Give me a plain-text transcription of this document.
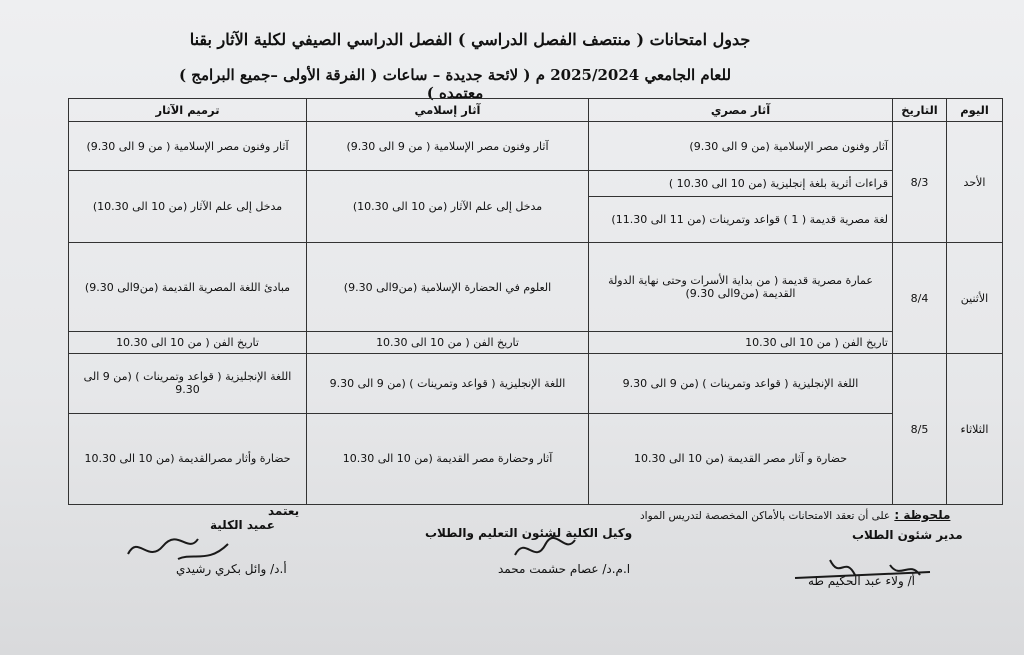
جدول امتحانات ( منتصف الفصل الدراسي ) الفصل الدراسي الصيفي لكلية الآثار بقنا
( الفرقة الأولى –جميع البرامج ) للعام الجامعي 2025/2024 م ( لائحة جديدة – ساعات معتمده )
اليوم	التاريخ	آثار مصري	آثار إسلامي	ترميم الآثار
الأحد	8/3	آثار وفنون مصر الإسلامية (من 9 الى 9.30)	آثار وفنون مصر الإسلامية ( من 9 الى 9.30)	آثار وفنون مصر الإسلامية ( من 9 الى 9.30)
		قراءات أثرية بلغة إنجليزية (من 10 الى 10.30 )	مدخل إلى علم الآثار (من 10 الى 10.30)	مدخل إلى علم الآثار (من 10 الى 10.30)
		لغة مصرية قديمة ( 1 ) قواعد وتمرينات (من 11 الى 11.30)		

الأثنين	8/4	عمارة مصرية قديمة ( من بداية الأسرات وحتى نهاية الدولة القديمة (من9الى 9.30)	العلوم في الحضارة الإسلامية (من9الى 9.30)	مبادئ اللغة المصرية القديمة (من9الى 9.30)
		تاريخ الفن ( من 10 الى 10.30	تاريخ الفن ( من 10 الى 10.30	تاريخ الفن ( من 10 الى 10.30
الثلاثاء	8/5	اللغة الإنجليزية ( قواعد وتمرينات ) (من 9 الى 9.30	اللغة الإنجليزية ( قواعد وتمرينات ) (من 9 الى 9.30	اللغة الإنجليزية ( قواعد وتمرينات ) (من 9 الى 9.30
		حضارة و آثار مصر القديمة (من 10 الى 10.30	آثار وحضارة مصر القديمة (من 10 الى 10.30	حضارة وأثار مصرالقديمة (من 10 الى 10.30
ملحوظة : على أن تعقد الامتحانات بالأماكن المخصصة لتدريس المواد
يعتمد
عميد الكلية
أ.د/ وائل بكري رشيدي
وكيل الكلية لشئون التعليم والطلاب
ا.م.د/ عصام حشمت محمد
مدير شئون الطلاب
أ/ ولاء عبد الحكيم طه
